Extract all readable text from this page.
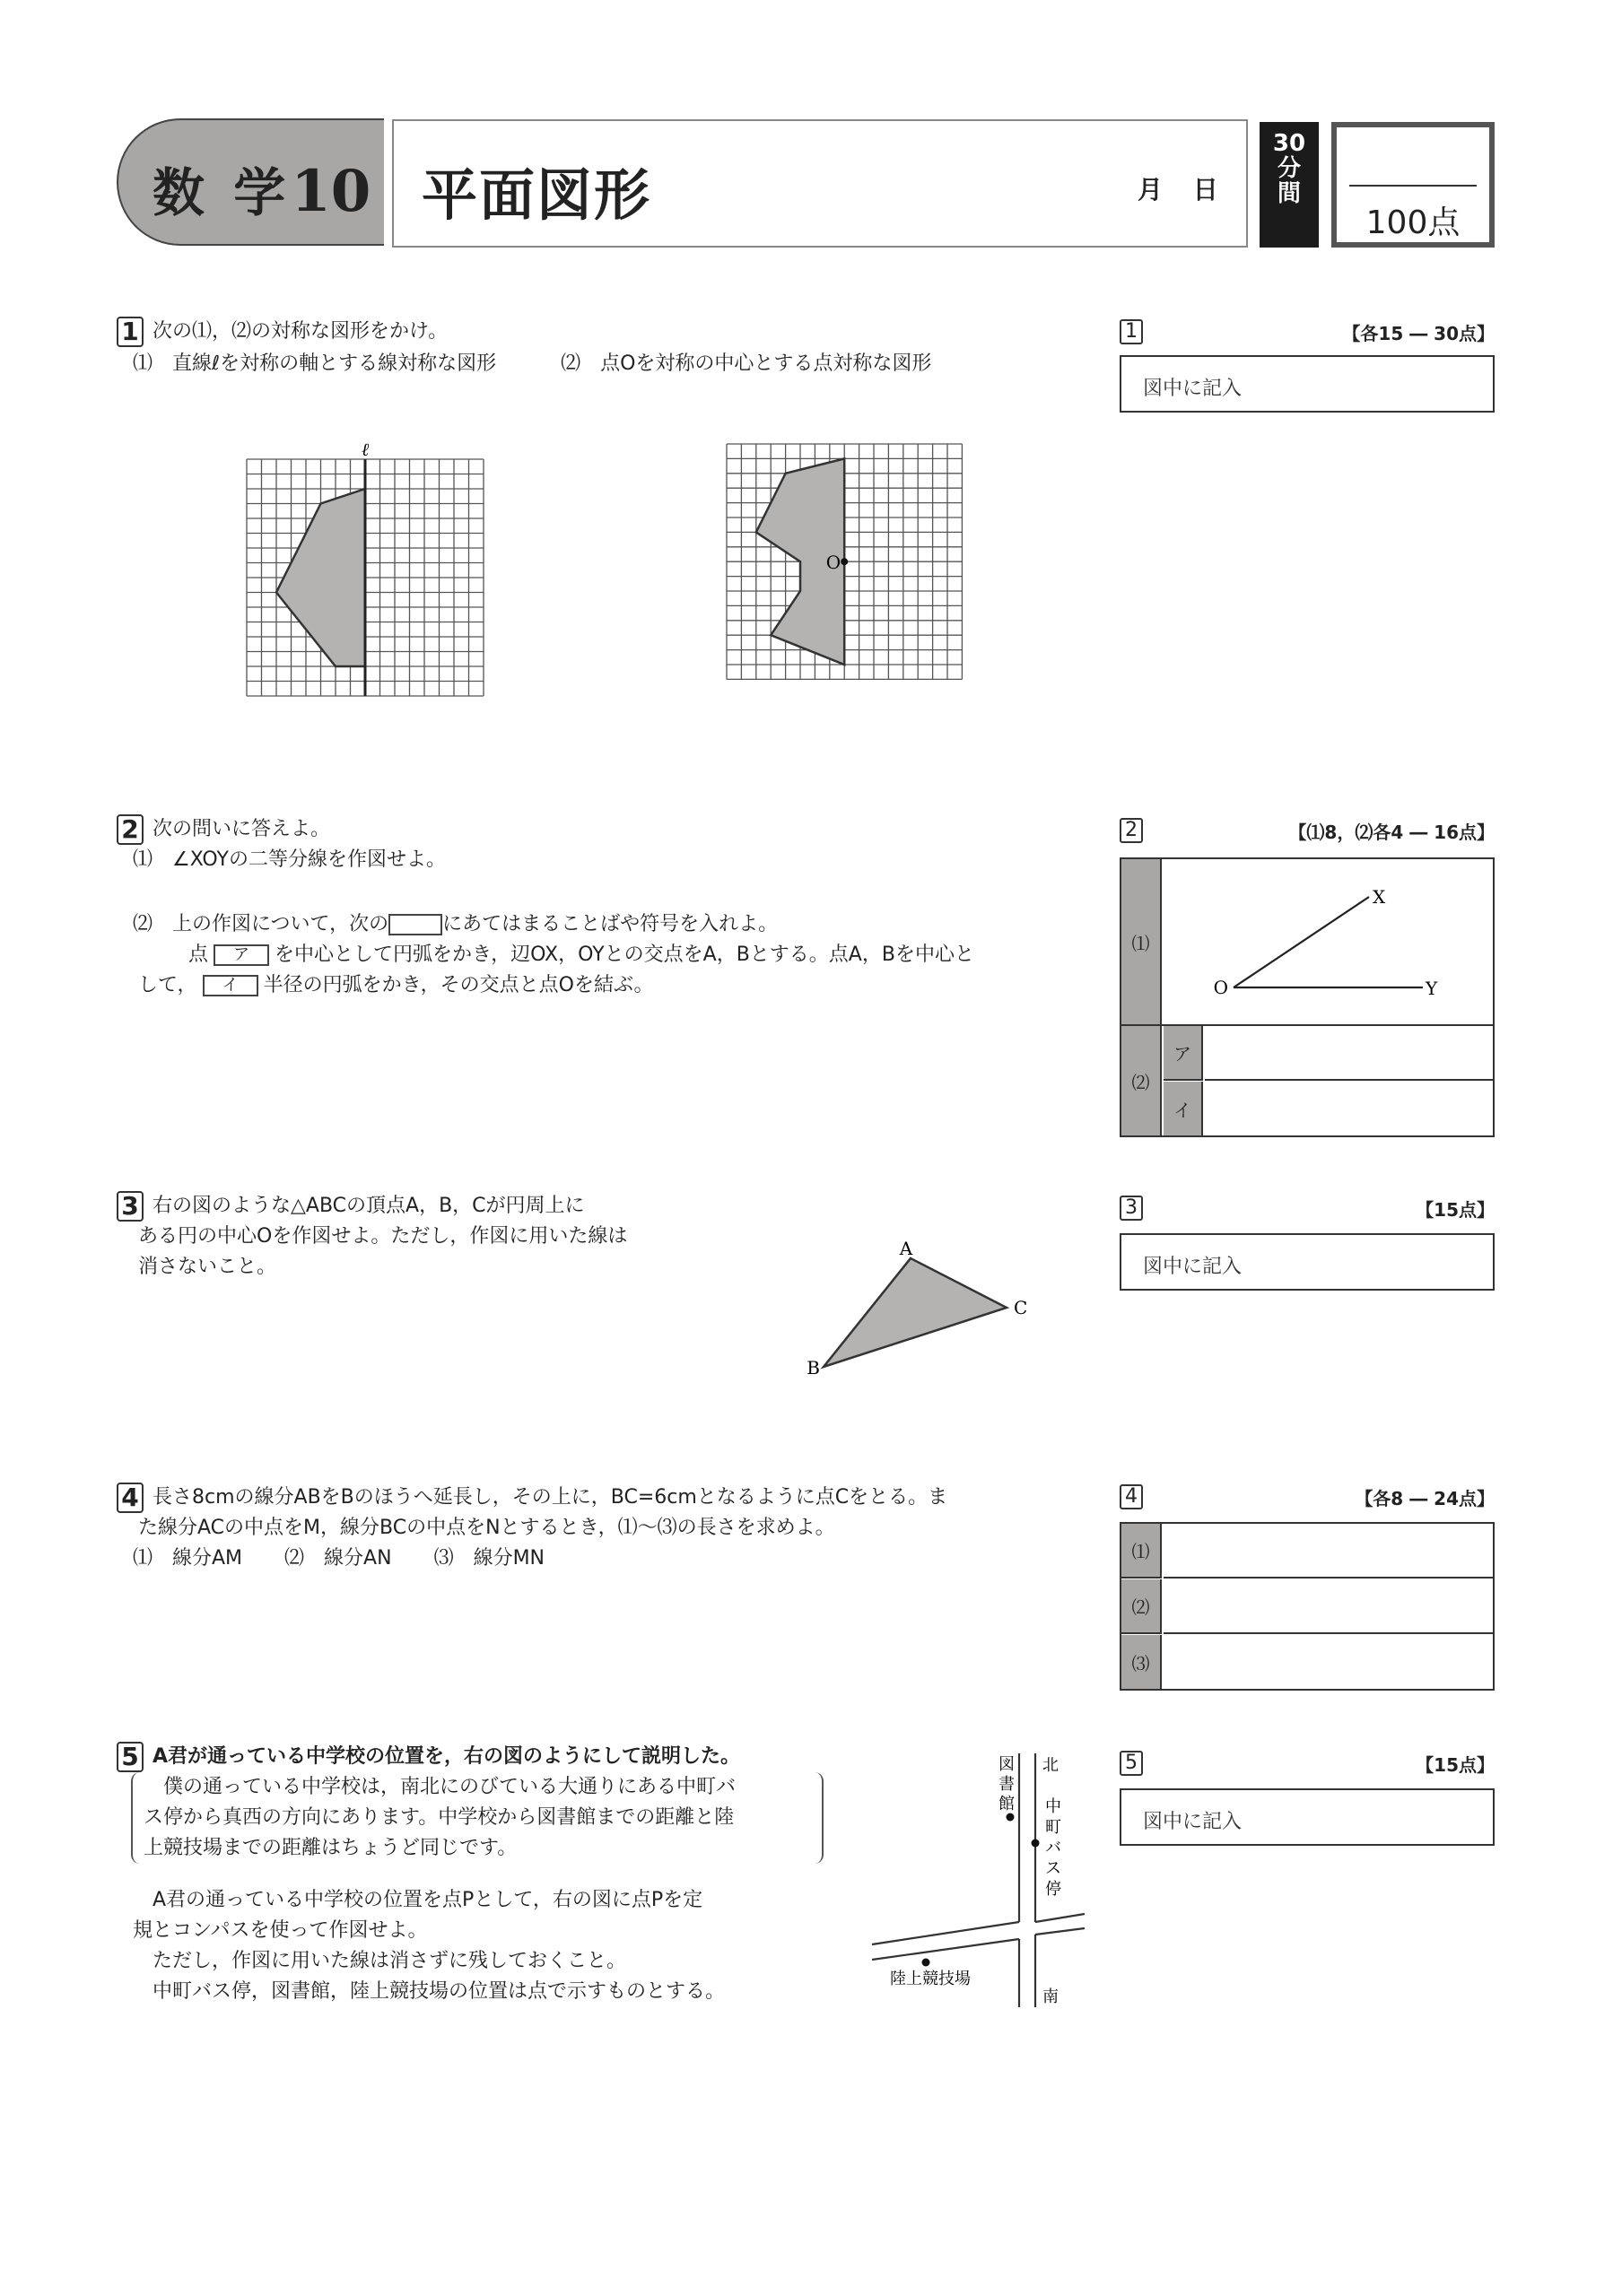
数 学10 平面図形	月 日
30
分
間
100点
1 次の⑴，⑵の対称な図形をかけ。
⑴　直線ℓを対称の軸とする線対称な図形	⑵　点Oを対称の中心とする点対称な図形
ℓ
O
2 次の問いに答えよ。
⑴　∠XOYの二等分線を作図せよ。
⑵　上の作図について，次の	にあてはまることばや符号を入れよ。
点 ア を中心として円弧をかき，辺OX，OYとの交点をA，Bとする。点A，Bを中心と
して， イ 半径の円弧をかき，その交点と点Oを結ぶ。
3 右の図のような△ABCの頂点A，B，Cが円周上に
ある円の中心Oを作図せよ。ただし，作図に用いた線は
消さないこと。
A
B
C
4 長さ8cmの線分ABをBのほうへ延長し，その上に，BC=6cmとなるように点Cをとる。ま
た線分ACの中点をM，線分BCの中点をNとするとき，⑴〜⑶の長さを求めよ。
⑴　線分AM ⑵　線分AN ⑶　線分MN
5 A君が通っている中学校の位置を，右の図のようにして説明した。
　僕の通っている中学校は，南北にのびている大通りにある中町バ
ス停から真西の方向にあります。中学校から図書館までの距離と陸
上競技場までの距離はちょうど同じです。
　A君の通っている中学校の位置を点Pとして，右の図に点Pを定
規とコンパスを使って作図せよ。
　ただし，作図に用いた線は消さずに残しておくこと。
　中町バス停，図書館，陸上競技場の位置は点で示すものとする。
図書館 中町バス停
北
南
陸上競技場
1	【各15 ― 30点】
図中に記入
2	【⑴8，⑵各4 ― 16点】
⑴
O
X
Y
⑵
ア
イ
3	【15点】
図中に記入
4	【各8 ― 24点】
⑴
⑵
⑶
5	【15点】
図中に記入
